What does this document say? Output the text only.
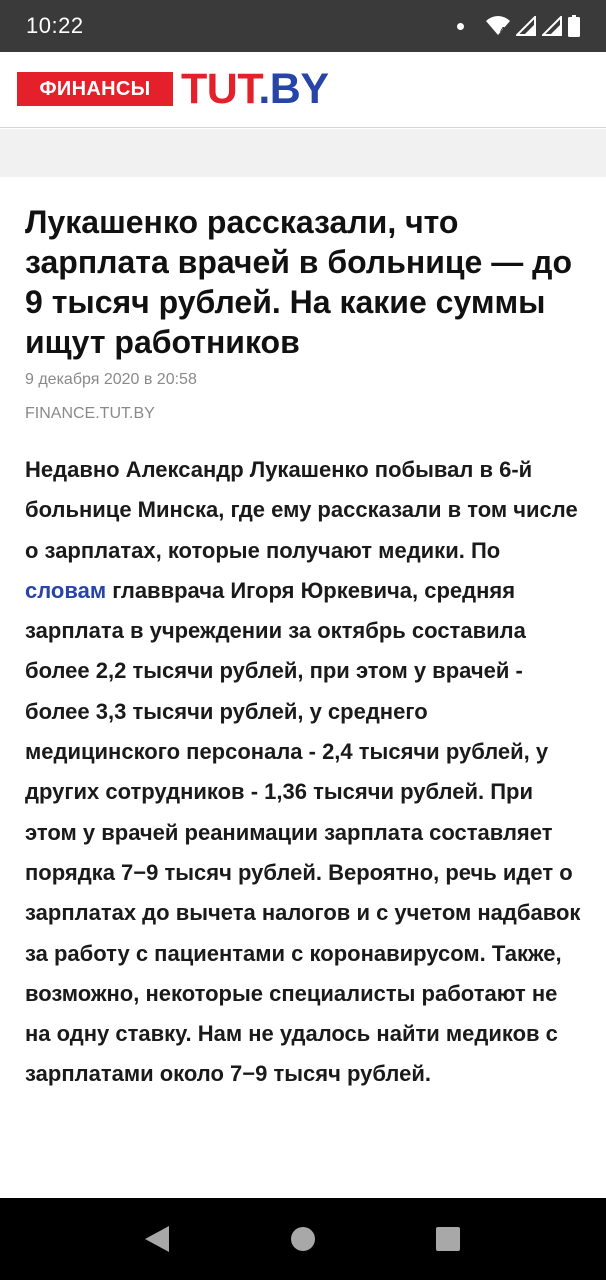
10:22	4
ФИНАНСЫ TUT.BY
Лукашенко рассказали, что зарплата врачей в больнице — до 9 тысяч рублей. На какие суммы ищут работников
9 декабря 2020 в 20:58
FINANCE.TUT.BY
Недавно Александр Лукашенко побывал в 6-й больнице Минска, где ему рассказали в том числе о зарплатах, которые получают медики. По словам главврача Игоря Юркевича, средняя зарплата в учреждении за октябрь составила более 2,2 тысячи рублей, при этом у врачей - более 3,3 тысячи рублей, у среднего медицинского персонала - 2,4 тысячи рублей, у других сотрудников - 1,36 тысячи рублей. При этом у врачей реанимации зарплата составляет порядка 7−9 тысяч рублей. Вероятно, речь идет о зарплатах до вычета налогов и с учетом надбавок за работу с пациентами с коронавирусом. Также, возможно, некоторые специалисты работают не на одну ставку. Нам не удалось найти медиков с зарплатами около 7−9 тысяч рублей.
